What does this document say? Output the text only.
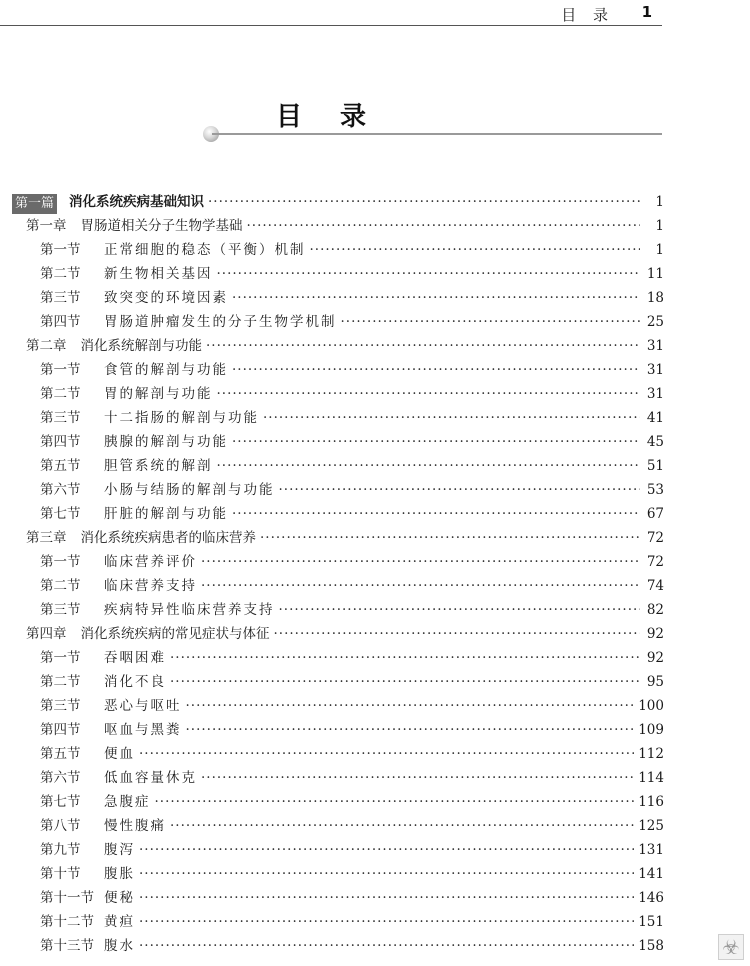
目 录 1
目录
第一篇 消化系统疾病基础知识 ·····	1
第一章 胃肠道相关分子生物学基础 ·····	1
第一节	正常细胞的稳态（平衡）机制 ·····	1
第二节	新生物相关基因 ·····	11
第三节	致突变的环境因素 ·····	18
第四节	胃肠道肿瘤发生的分子生物学机制 ·····	25
第二章 消化系统解剖与功能 ·····	31
第一节	食管的解剖与功能 ·····	31
第二节	胃的解剖与功能 ·····	31
第三节	十二指肠的解剖与功能 ·····	41
第四节	胰腺的解剖与功能 ·····	45
第五节	胆管系统的解剖 ·····	51
第六节	小肠与结肠的解剖与功能 ·····	53
第七节	肝脏的解剖与功能 ·····	67
第三章 消化系统疾病患者的临床营养 ·····	72
第一节	临床营养评价 ·····	72
第二节	临床营养支持 ·····	74
第三节	疾病特异性临床营养支持 ·····	82
第四章 消化系统疾病的常见症状与体征 ·····	92
第一节	吞咽困难 ·····	92
第二节	消化不良 ·····	95
第三节	恶心与呕吐 ·····	100
第四节	呕血与黑粪 ·····	109
第五节	便血 ·····	112
第六节	低血容量休克 ·····	114
第七节	急腹症 ·····	116
第八节	慢性腹痛 ·····	125
第九节	腹泻 ·····	131
第十节	腹胀 ·····	141
第十一节 便秘 ·····	146
第十二节 黄疸 ·····	151
第十三节 腹水 ·····	158	☣
